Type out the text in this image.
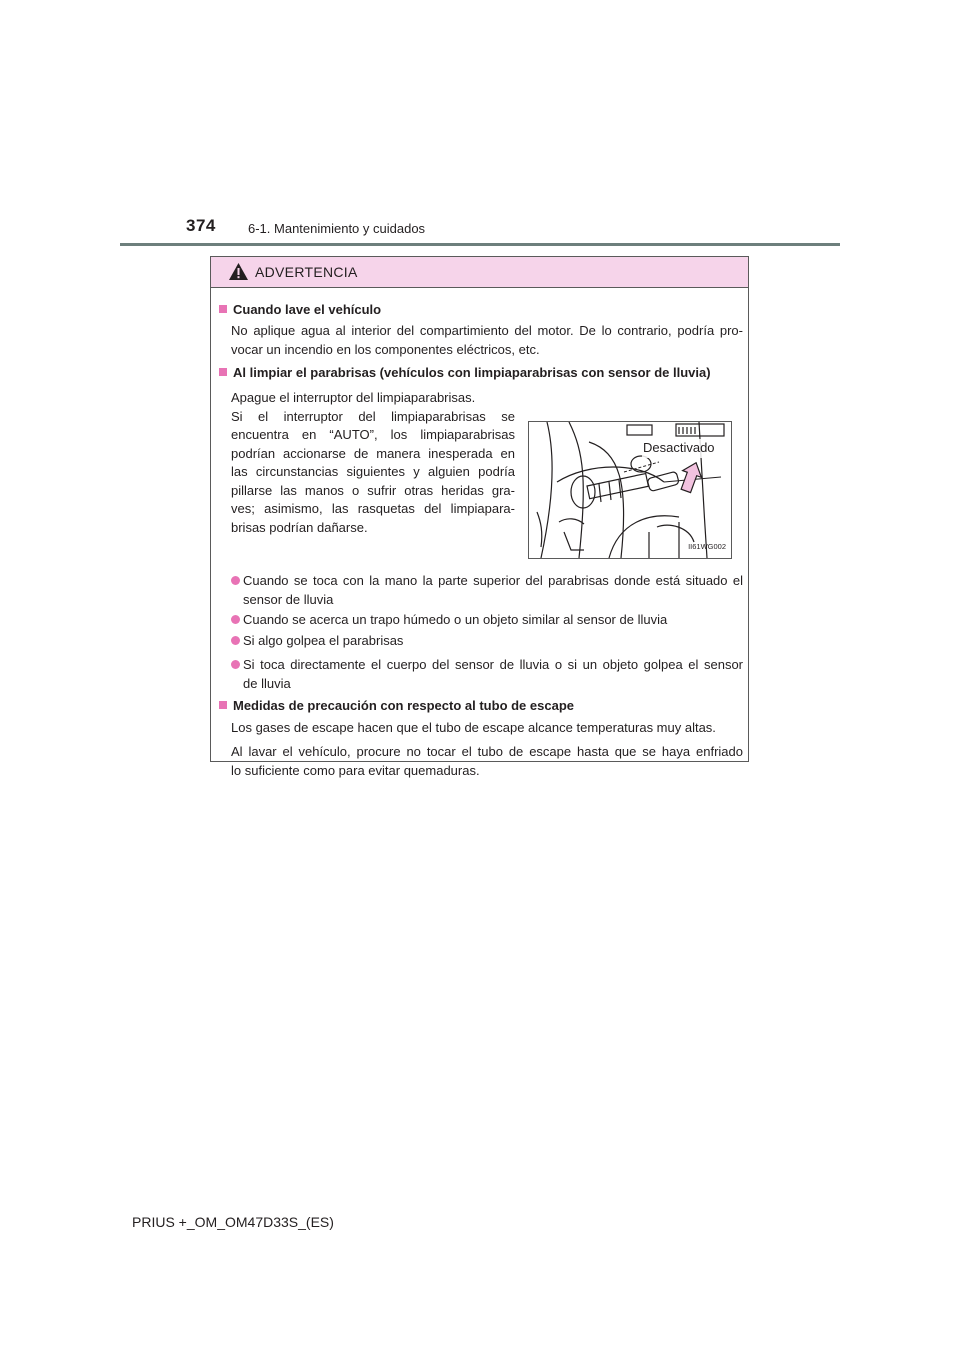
374 6-1. Mantenimiento y cuidados
ADVERTENCIA
Cuando lave el vehículo
No aplique agua al interior del compartimiento del motor. De lo contrario, podría pro-
vocar un incendio en los componentes eléctricos, etc.
Al limpiar el parabrisas (vehículos con limpiaparabrisas con sensor de lluvia)
Apague el interruptor del limpiaparabrisas.
Si el interruptor del limpiaparabrisas se
encuentra en “AUTO”, los limpiaparabrisas
podrían accionarse de manera inesperada en
las circunstancias siguientes y alguien podría
pillarse las manos o sufrir otras heridas gra-
ves; asimismo, las rasquetas del limpiapara-
brisas podrían dañarse.
Desactivado
II61WG002
Cuando se toca con la mano la parte superior del parabrisas donde está situado el
sensor de lluvia
Cuando se acerca un trapo húmedo o un objeto similar al sensor de lluvia
Si algo golpea el parabrisas
Si toca directamente el cuerpo del sensor de lluvia o si un objeto golpea el sensor
de lluvia
Medidas de precaución con respecto al tubo de escape
Los gases de escape hacen que el tubo de escape alcance temperaturas muy altas.
Al lavar el vehículo, procure no tocar el tubo de escape hasta que se haya enfriado
lo suficiente como para evitar quemaduras.
PRIUS +_OM_OM47D33S_(ES)
